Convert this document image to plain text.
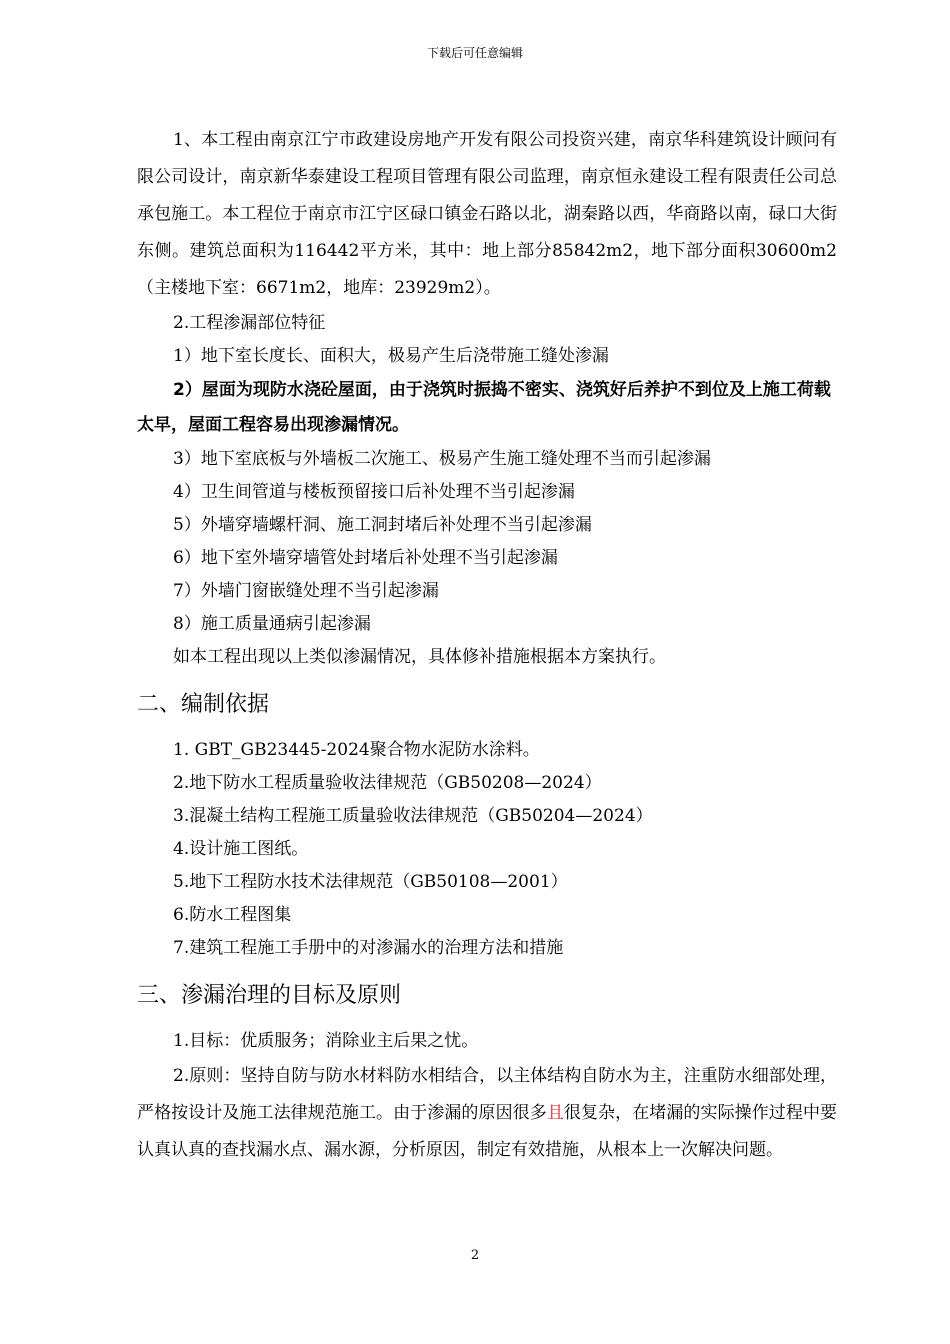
下载后可任意编辑

1、本工程由南京江宁市政建设房地产开发有限公司投资兴建，南京华科建筑设计顾问有限公司设计，南京新华泰建设工程项目管理有限公司监理，南京恒永建设工程有限责任公司总承包施工。本工程位于南京市江宁区碌口镇金石路以北，湖秦路以西，华商路以南，碌口大街东侧。建筑总面积为116442平方米，其中：地上部分85842m2，地下部分面积30600m2（主楼地下室：6671m2，地库：23929m2）。

2.工程渗漏部位特征

1）地下室长度长、面积大，极易产生后浇带施工缝处渗漏

2）屋面为现防水浇砼屋面，由于浇筑时振捣不密实、浇筑好后养护不到位及上施工荷载太早，屋面工程容易出现渗漏情况。

3）地下室底板与外墙板二次施工、极易产生施工缝处理不当而引起渗漏

4）卫生间管道与楼板预留接口后补处理不当引起渗漏

5）外墙穿墙螺杆洞、施工洞封堵后补处理不当引起渗漏

6）地下室外墙穿墙管处封堵后补处理不当引起渗漏

7）外墙门窗嵌缝处理不当引起渗漏

8）施工质量通病引起渗漏

如本工程出现以上类似渗漏情况，具体修补措施根据本方案执行。

二、编制依据

1. GBT_GB23445-2024聚合物水泥防水涂料。

2.地下防水工程质量验收法律规范（GB50208—2024）

3.混凝土结构工程施工质量验收法律规范（GB50204—2024）

4.设计施工图纸。

5.地下工程防水技术法律规范（GB50108—2001）

6.防水工程图集

7.建筑工程施工手册中的对渗漏水的治理方法和措施

三、渗漏治理的目标及原则

1.目标：优质服务；消除业主后果之忧。

2.原则：坚持自防与防水材料防水相结合，以主体结构自防水为主，注重防水细部处理，严格按设计及施工法律规范施工。由于渗漏的原因很多且很复杂，在堵漏的实际操作过程中要认真认真的查找漏水点、漏水源，分析原因，制定有效措施，从根本上一次解决问题。

2
